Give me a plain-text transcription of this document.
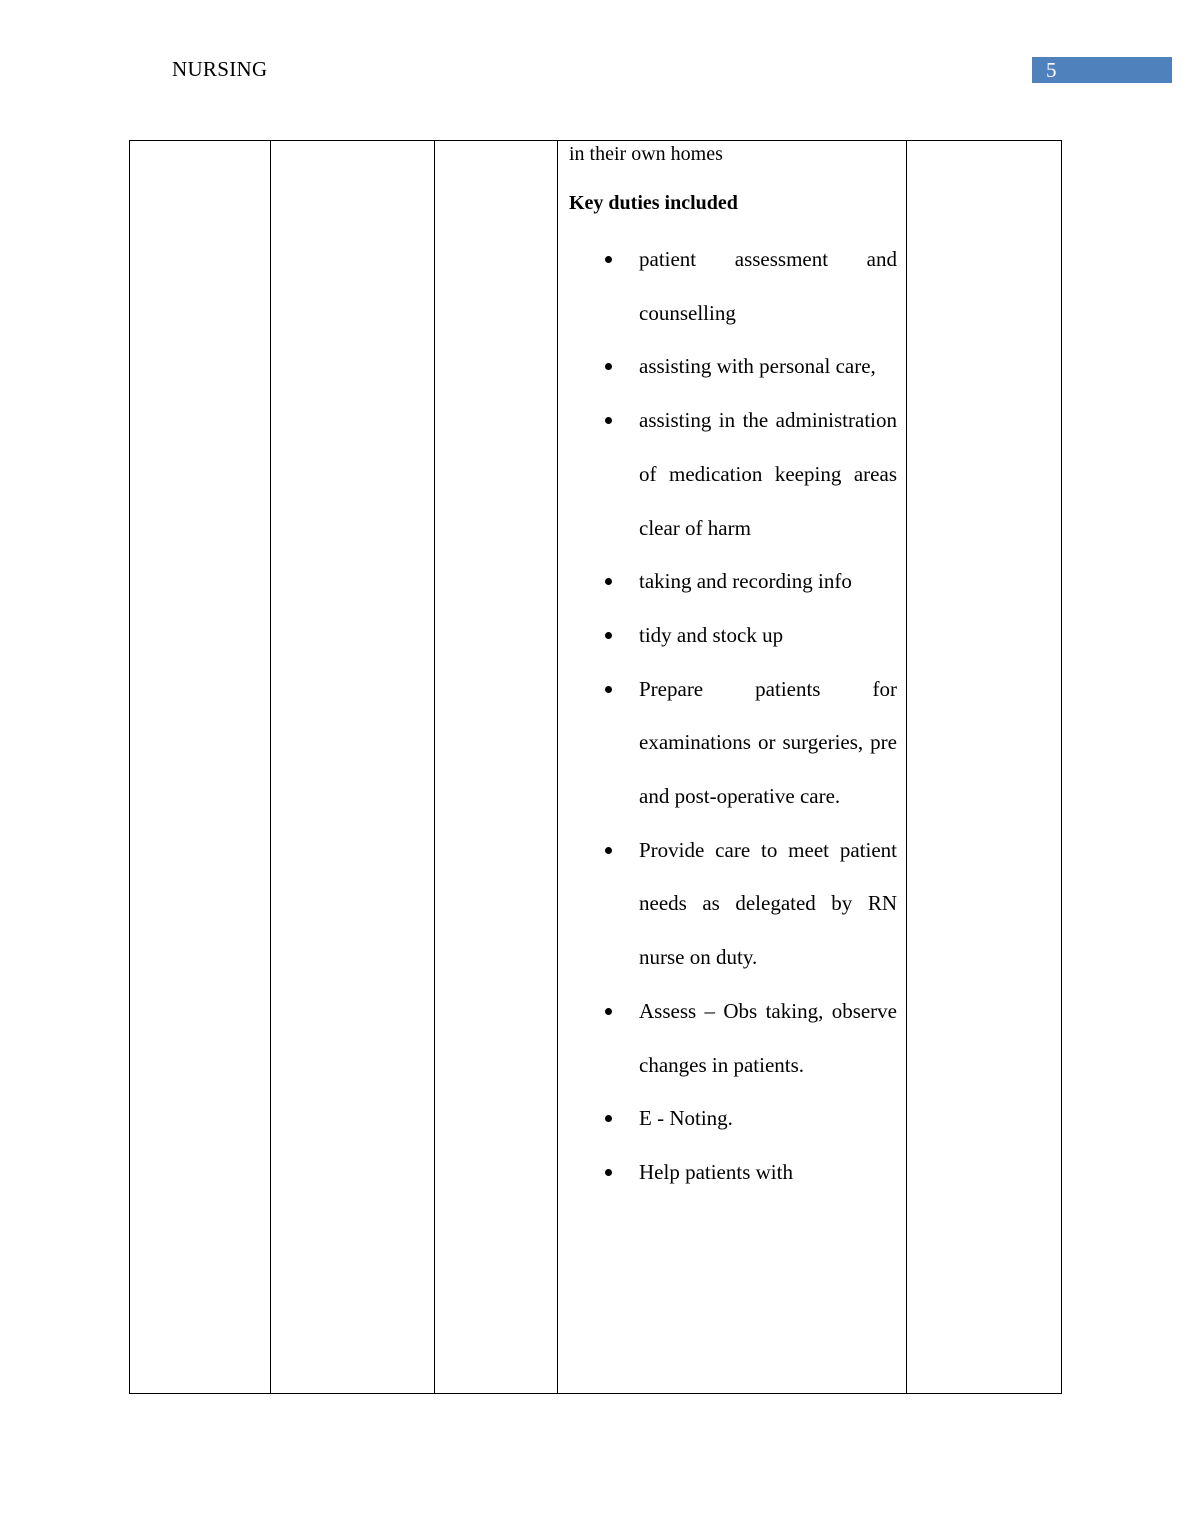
NURSING	5

in their own homes
Key duties included
patient assessment and counselling
assisting with personal care,
assisting in the administration of medication keeping areas clear of harm
taking and recording info
tidy and stock up
Prepare patients for examinations or surgeries, pre and post-operative care.
Provide care to meet patient needs as delegated by RN nurse on duty.
Assess – Obs taking, observe changes in patients.
E - Noting.
Help patients with
